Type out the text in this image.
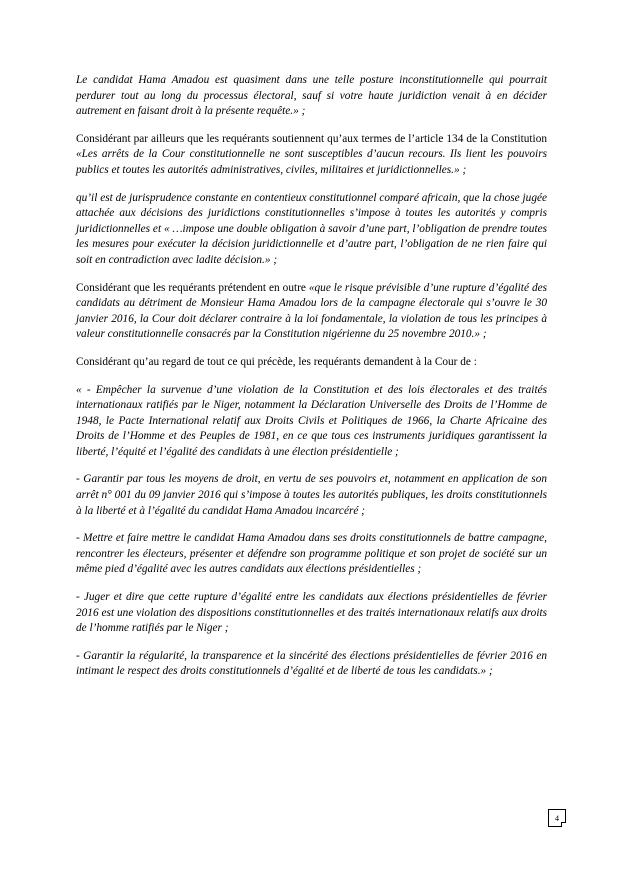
Le candidat Hama Amadou est quasiment dans une telle posture inconstitutionnelle qui pourrait perdurer tout au long du processus électoral, sauf si votre haute juridiction venait à en décider autrement en faisant droit à la présente requête.» ;

Considérant par ailleurs que les requérants soutiennent qu’aux termes de l’article 134 de la Constitution «Les arrêts de la Cour constitutionnelle ne sont susceptibles d’aucun recours. Ils lient les pouvoirs publics et toutes les autorités administratives, civiles, militaires et juridictionnelles.» ;

qu’il est de jurisprudence constante en contentieux constitutionnel comparé africain, que la chose jugée attachée aux décisions des juridictions constitutionnelles s’impose à toutes les autorités y compris juridictionnelles et « …impose une double obligation à savoir d’une part, l’obligation de prendre toutes les mesures pour exécuter la décision juridictionnelle et d’autre part, l’obligation de ne rien faire qui soit en contradiction avec ladite décision.» ;

Considérant que les requérants prétendent en outre «que le risque prévisible d’une rupture d’égalité des candidats au détriment de Monsieur Hama Amadou lors de la campagne électorale qui s’ouvre le 30 janvier 2016, la Cour doit déclarer contraire à la loi fondamentale, la violation de tous les principes à valeur constitutionnelle consacrés par la Constitution nigérienne du 25 novembre 2010.» ;

Considérant qu’au regard de tout ce qui précède, les requérants demandent à la Cour de :

« - Empêcher la survenue d’une violation de la Constitution et des lois électorales et des traités internationaux ratifiés par le Niger, notamment la Déclaration Universelle des Droits de l’Homme de 1948, le Pacte International relatif aux Droits Civils et Politiques de 1966, la Charte Africaine des Droits de l’Homme et des Peuples de 1981, en ce que tous ces instruments juridiques garantissent la liberté, l’équité et l’égalité des candidats à une élection présidentielle ;

- Garantir par tous les moyens de droit, en vertu de ses pouvoirs et, notamment en application de son arrêt n° 001 du 09 janvier 2016 qui s’impose à toutes les autorités publiques, les droits constitutionnels à la liberté et à l’égalité du candidat Hama Amadou incarcéré ;

- Mettre et faire mettre le candidat Hama Amadou dans ses droits constitutionnels de battre campagne, rencontrer les électeurs, présenter et défendre son programme politique et son projet de société sur un même pied d’égalité avec les autres candidats aux élections présidentielles ;

- Juger et dire que cette rupture d’égalité entre les candidats aux élections présidentielles de février 2016 est une violation des dispositions constitutionnelles et des traités internationaux relatifs aux droits de l’homme ratifiés par le Niger ;

- Garantir la régularité, la transparence et la sincérité des élections présidentielles de février 2016 en intimant le respect des droits constitutionnels d’égalité et de liberté de tous les candidats.» ;

4
